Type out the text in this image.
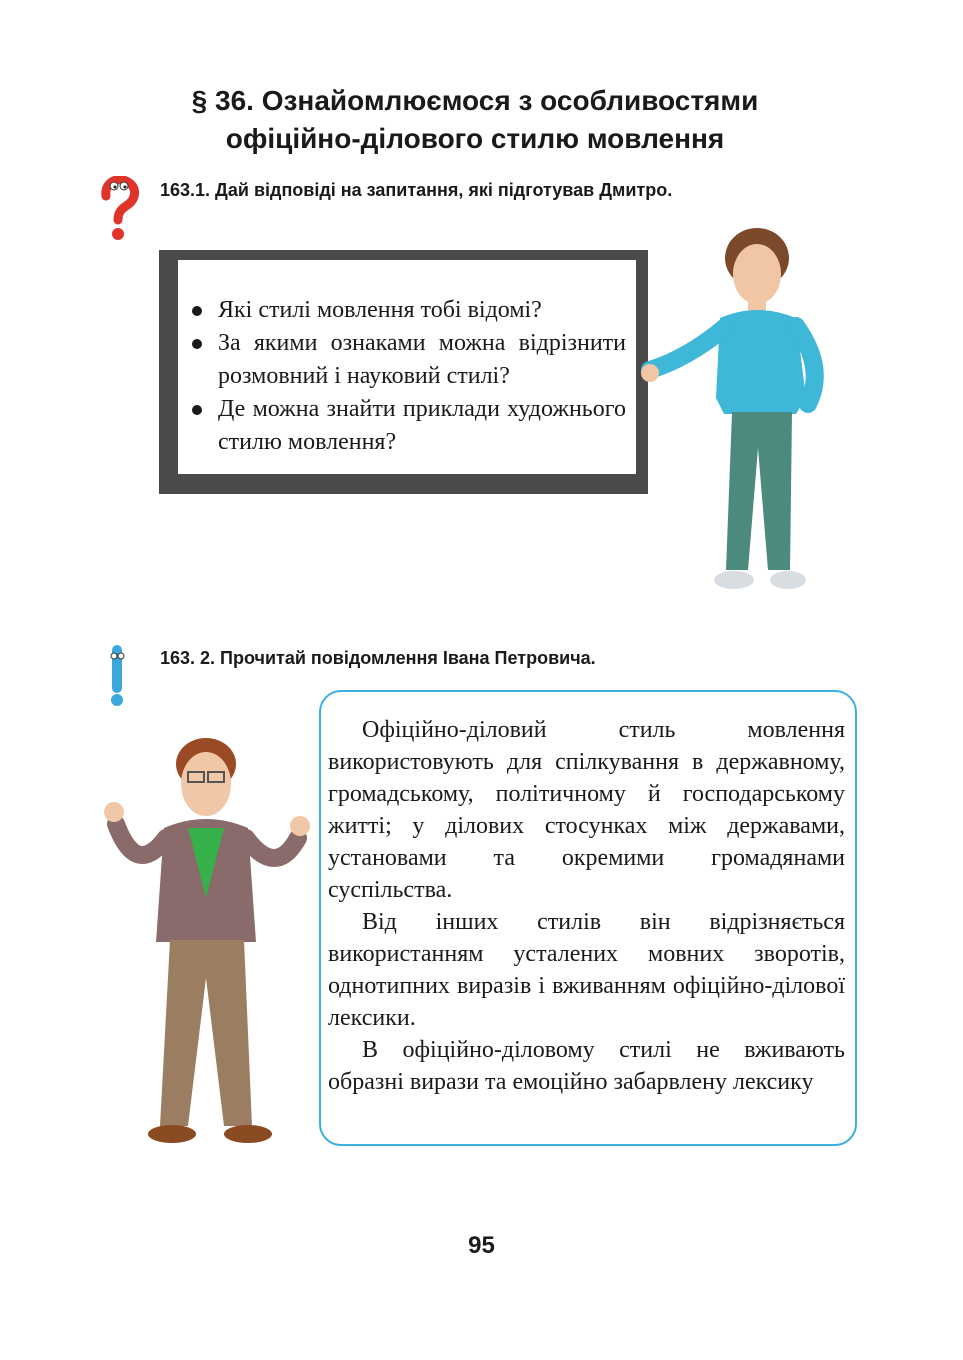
§ 36. Ознайомлюємося з особливостями
офіційно-ділового стилю мовлення
163.1. Дай відповіді на запитання, які підготував Дмитро.
Які стилі мовлення тобі відомі?
За якими ознаками можна відрізнити розмовний і науковий стилі?
Де можна знайти приклади художнього стилю мовлення?
163. 2. Прочитай повідомлення Івана Петровича.

Офіційно-діловий стиль мовлення використовують для спілкування в державному, громадському, політичному й господарському житті; у ділових стосунках між державами, установами та окремими громадянами суспільства.

Від інших стилів він відрізняється використанням усталених мовних зворотів, однотипних виразів і вживанням офіційно-ділової лексики.

В офіційно-діловому стилі не вживають образні вирази та емоційно забарвлену лексику

95
